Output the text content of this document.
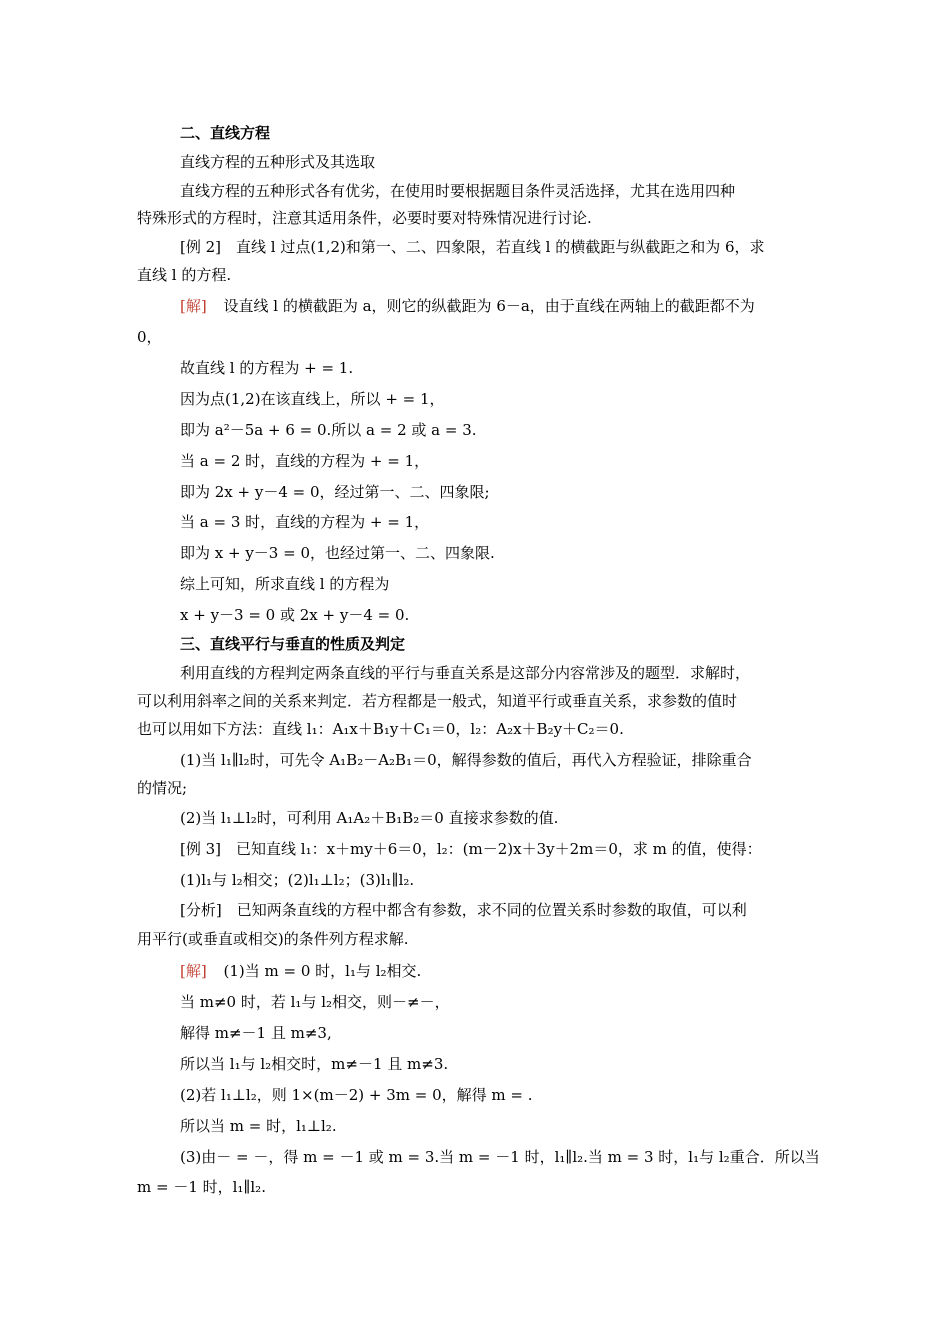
二、直线方程
直线方程的五种形式及其选取
直线方程的五种形式各有优劣，在使用时要根据题目条件灵活选择，尤其在选用四种
特殊形式的方程时，注意其适用条件，必要时要对特殊情况进行讨论.
[例 2]　直线 l 过点(1,2)和第一、二、四象限，若直线 l 的横截距与纵截距之和为 6，求
直线 l 的方程.
[解] 设直线 l 的横截距为 a，则它的纵截距为 6－a，由于直线在两轴上的截距都不为
0，
故直线 l 的方程为 + = 1.
因为点(1,2)在该直线上，所以 + = 1，
即为 a²－5a + 6 = 0.所以 a = 2 或 a = 3.
当 a = 2 时，直线的方程为 + = 1，
即为 2x + y－4 = 0，经过第一、二、四象限;
当 a = 3 时，直线的方程为 + = 1，
即为 x + y－3 = 0，也经过第一、二、四象限.
综上可知，所求直线 l 的方程为
x + y－3 = 0 或 2x + y－4 = 0.
三、直线平行与垂直的性质及判定
利用直线的方程判定两条直线的平行与垂直关系是这部分内容常涉及的题型．求解时，
可以利用斜率之间的关系来判定．若方程都是一般式，知道平行或垂直关系，求参数的值时
也可以用如下方法：直线 l₁：A₁x＋B₁y＋C₁＝0，l₂：A₂x＋B₂y＋C₂＝0.
(1)当 l₁∥l₂时，可先令 A₁B₂－A₂B₁＝0，解得参数的值后，再代入方程验证，排除重合
的情况;
(2)当 l₁⊥l₂时，可利用 A₁A₂＋B₁B₂＝0 直接求参数的值.
[例 3]　已知直线 l₁：x＋my＋6＝0，l₂：(m－2)x＋3y＋2m＝0，求 m 的值，使得：
(1)l₁与 l₂相交；(2)l₁⊥l₂；(3)l₁∥l₂.
[分析]　已知两条直线的方程中都含有参数，求不同的位置关系时参数的取值，可以利
用平行(或垂直或相交)的条件列方程求解.
[解] (1)当 m = 0 时，l₁与 l₂相交.
当 m≠0 时，若 l₁与 l₂相交，则－≠－，
解得 m≠－1 且 m≠3,
所以当 l₁与 l₂相交时，m≠－1 且 m≠3.
(2)若 l₁⊥l₂，则 1×(m－2) + 3m = 0，解得 m = .
所以当 m = 时，l₁⊥l₂.
(3)由－ = －，得 m = －1 或 m = 3.当 m = －1 时，l₁∥l₂.当 m = 3 时，l₁与 l₂重合．所以当
m = －1 时，l₁∥l₂.
